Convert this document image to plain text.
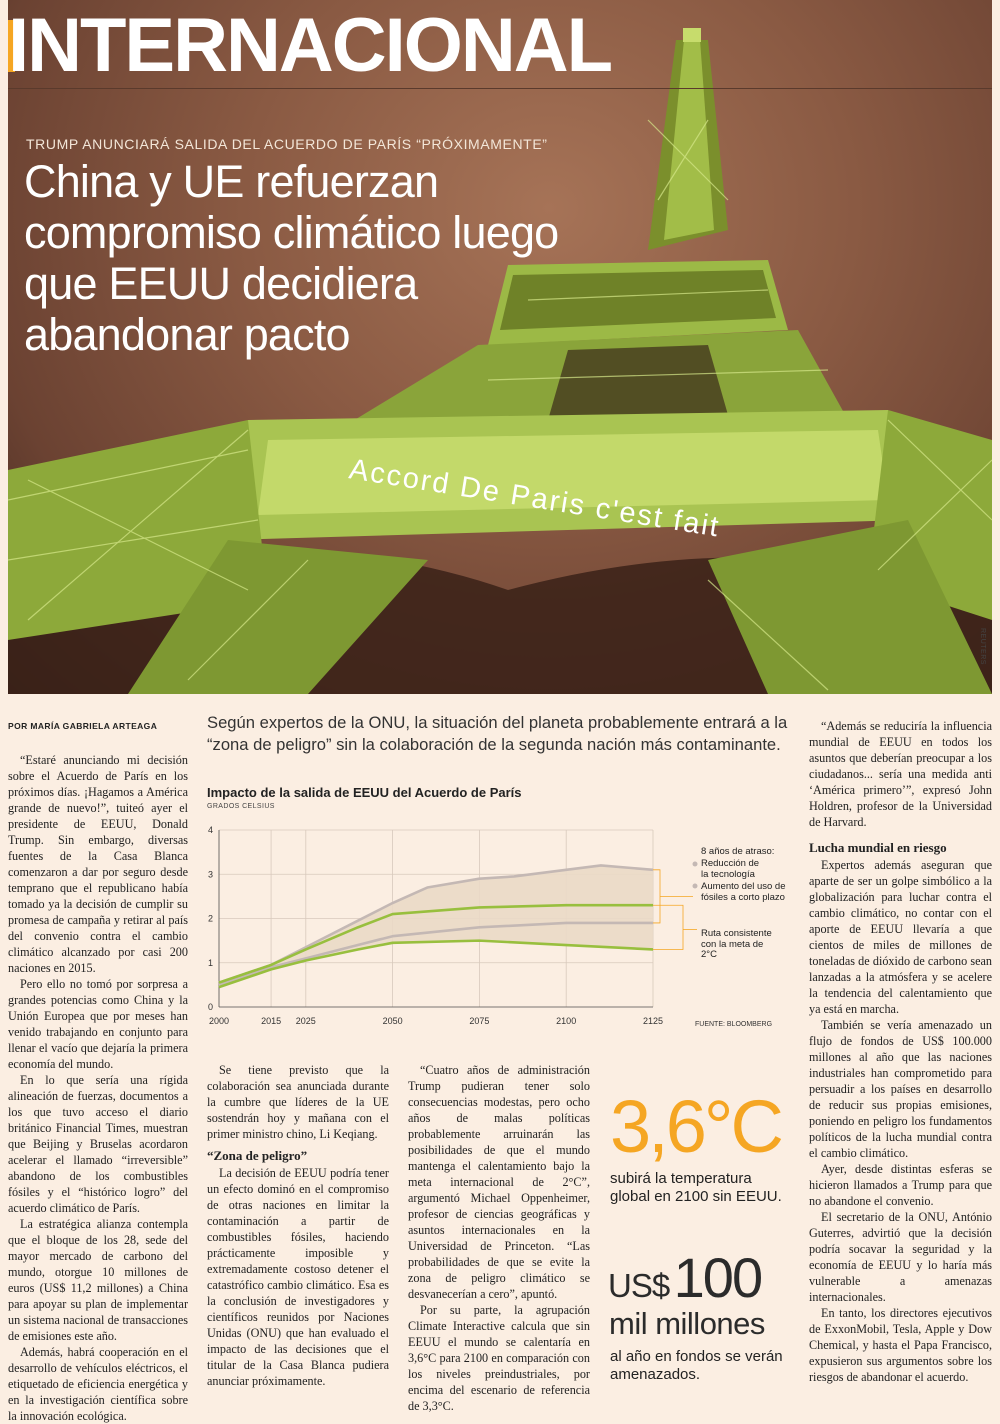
INTERNACIONAL
TRUMP ANUNCIARÁ SALIDA DEL ACUERDO DE PARÍS “PRÓXIMAMENTE”
China y UE refuerzan compromiso climático luego que EEUU decidiera abandonar pacto
Accord De Paris c'est fait
REUTERS
POR MARÍA GABRIELA ARTEAGA

“Estaré anunciando mi decisión sobre el Acuerdo de París en los próximos días. ¡Hagamos a América grande de nuevo!”, tuiteó ayer el presidente de EEUU, Donald Trump. Sin embargo, diversas fuentes de la Casa Blanca comenzaron a dar por seguro desde temprano que el republicano había tomado ya la decisión de cumplir su promesa de campaña y retirar al país del convenio contra el cambio climático alcanzado por casi 200 naciones en 2015.

Pero ello no tomó por sorpresa a grandes potencias como China y la Unión Europea que por meses han venido trabajando en conjunto para llenar el vacío que dejaría la primera economía del mundo.

En lo que sería una rígida alineación de fuerzas, documentos a los que tuvo acceso el diario británico Financial Times, muestran que Beijing y Bruselas acordaron acelerar el llamado “irreversible” abandono de los combustibles fósiles y el “histórico logro” del acuerdo climático de París.

La estratégica alianza contempla que el bloque de los 28, sede del mayor mercado de carbono del mundo, otorgue 10 millones de euros (US$ 11,2 millones) a China para apoyar su plan de implementar un sistema nacional de transacciones de emisiones este año.

Además, habrá cooperación en el desarrollo de vehículos eléctricos, el etiquetado de eficiencia energética y en la investigación científica sobre la innovación ecológica.

Según expertos de la ONU, la situación del planeta probablemente entrará a la “zona de peligro” sin la colaboración de la segunda nación más contaminante.
Impacto de la salida de EEUU del Acuerdo de París
GRADOS CELSIUS
0
1
2
3
4
2000	2015 2025	2050	2075	2100	2125
8 años de atraso:
Reducción de la tecnología
Aumento del uso de fósiles a corto plazo
Ruta consistente con la meta de 2°C
FUENTE: BLOOMBERG

Se tiene previsto que la colaboración sea anunciada durante la cumbre que líderes de la UE sostendrán hoy y mañana con el primer ministro chino, Li Keqiang.

“Zona de peligro”

La decisión de EEUU podría tener un efecto dominó en el compromiso de otras naciones en limitar la contaminación a partir de combustibles fósiles, haciendo prácticamente imposible y extremadamente costoso detener el catastrófico cambio climático. Esa es la conclusión de investigadores y científicos reunidos por Naciones Unidas (ONU) que han evaluado el impacto de las decisiones que el titular de la Casa Blanca pudiera anunciar próximamente.

“Cuatro años de administración Trump pudieran tener solo consecuencias modestas, pero ocho años de malas políticas probablemente arruinarán las posibilidades de que el mundo mantenga el calentamiento bajo la meta internacional de 2°C”, argumentó Michael Oppenheimer, profesor de ciencias geográficas y asuntos internacionales en la Universidad de Princeton. “Las probabilidades de que se evite la zona de peligro climático se desvanecerían a cero”, apuntó.

Por su parte, la agrupación Climate Interactive calcula que sin EEUU el mundo se calentaría en 3,6°C para 2100 en comparación con los niveles preindustriales, por encima del escenario de referencia de 3,3°C.

3,6°C
subirá la temperatura global en 2100 sin EEUU.
US$ 100
mil millones
al año en fondos se verán amenazados.

“Además se reduciría la influencia mundial de EEUU en todos los asuntos que deberían preocupar a los ciudadanos... sería una medida anti ‘América primero’”, expresó John Holdren, profesor de la Universidad de Harvard.

Lucha mundial en riesgo

Expertos además aseguran que aparte de ser un golpe simbólico a la globalización para luchar contra el cambio climático, no contar con el aporte de EEUU llevaría a que cientos de miles de millones de toneladas de dióxido de carbono sean lanzadas a la atmósfera y se acelere la tendencia del calentamiento que ya está en marcha.

También se vería amenazado un flujo de fondos de US$ 100.000 millones al año que las naciones industriales han comprometido para persuadir a los países en desarrollo de reducir sus propias emisiones, poniendo en peligro los fundamentos políticos de la lucha mundial contra el cambio climático.

Ayer, desde distintas esferas se hicieron llamados a Trump para que no abandone el convenio.

El secretario de la ONU, António Guterres, advirtió que la decisión podría socavar la seguridad y la economía de EEUU y lo haría más vulnerable a amenazas internacionales.

En tanto, los directores ejecutivos de ExxonMobil, Tesla, Apple y Dow Chemical, y hasta el Papa Francisco, expusieron sus argumentos sobre los riesgos de abandonar el acuerdo.
